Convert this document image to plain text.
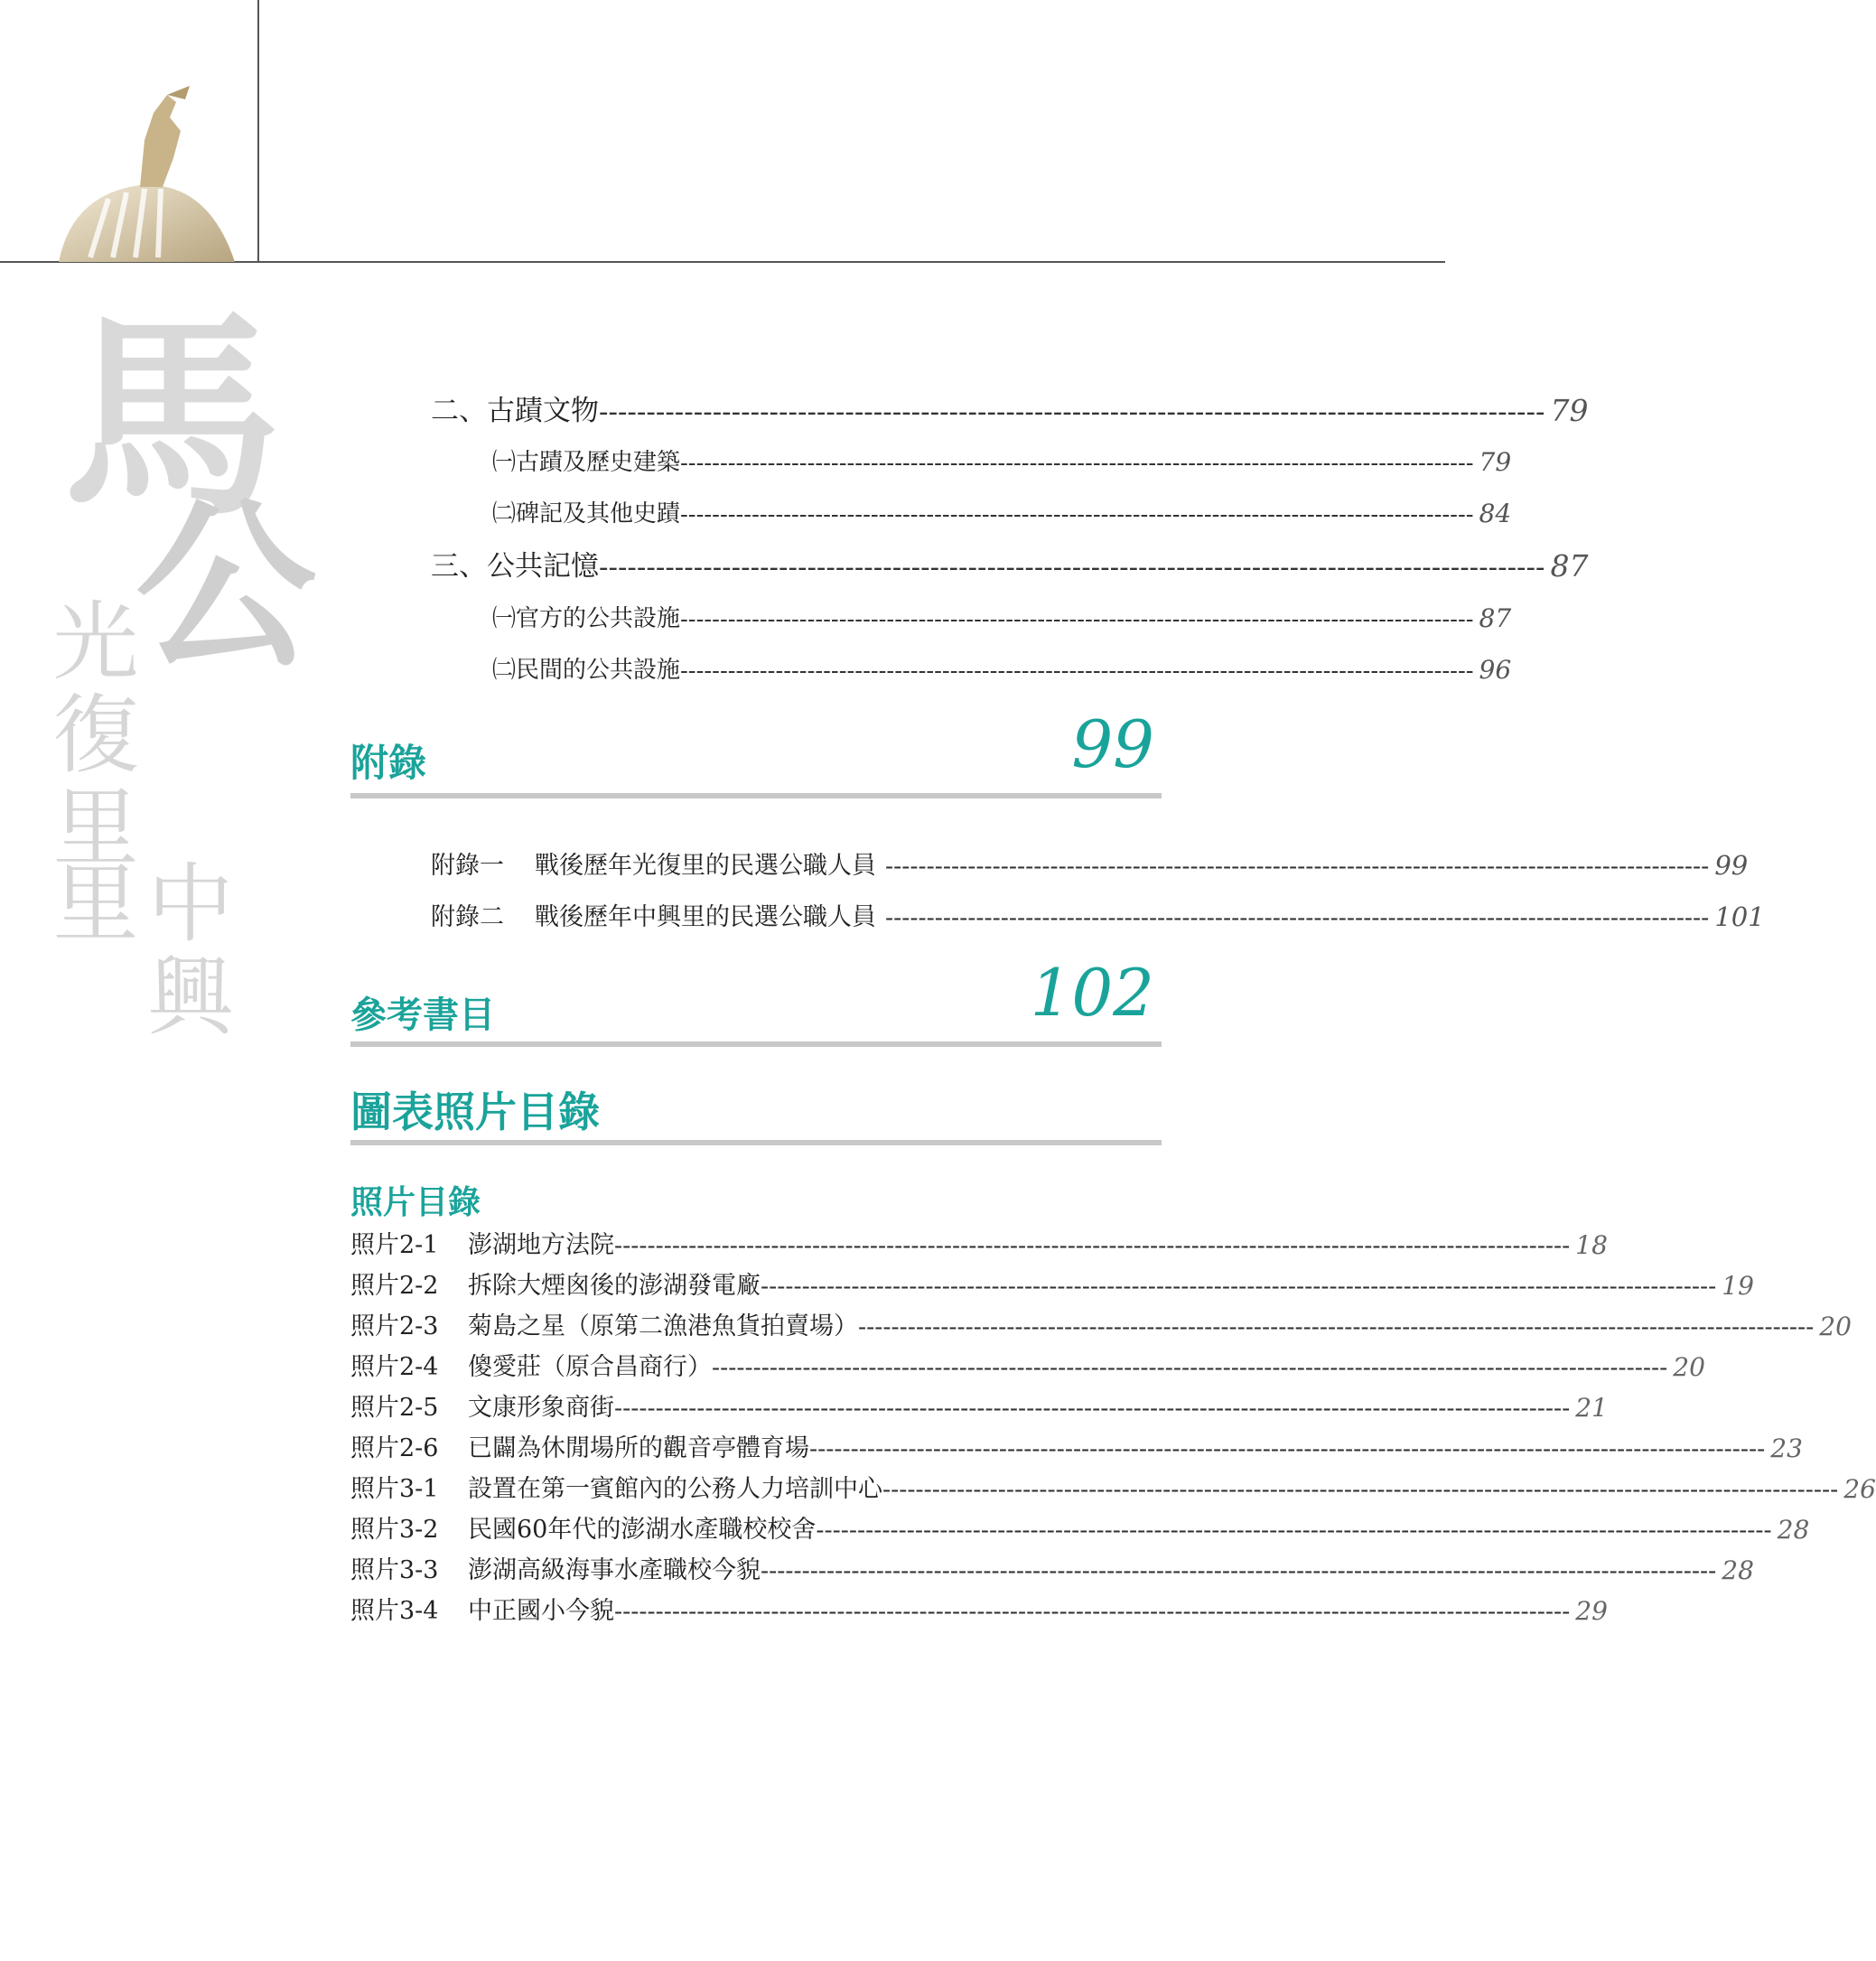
馬
公
光復里
中興里
二、古蹟文物 ---------------------------------------------------------------------------------------------------- 79
㈠古蹟及歷史建築 ---------------------------------------------------------------------------------------------------- 79
㈡碑記及其他史蹟 ---------------------------------------------------------------------------------------------------- 84
三、公共記憶 ---------------------------------------------------------------------------------------------------- 87
㈠官方的公共設施 ---------------------------------------------------------------------------------------------------- 87
㈡民間的公共設施 ---------------------------------------------------------------------------------------------------- 96
附錄	99
附錄一 戰後歷年光復里的民選公職人員 ---------------------------------------------------------------------------------------------------- 99
附錄二 戰後歷年中興里的民選公職人員 ---------------------------------------------------------------------------------------------------- 101
參考書目	102
圖表照片目錄
照片目錄
照片2-1	澎湖地方法院 -------------------------------------------------------------------------------------------------------------------- 18
照片2-2	拆除大煙囪後的澎湖發電廠 -------------------------------------------------------------------------------------------------------------------- 19
照片2-3	菊島之星（原第二漁港魚貨拍賣場） -------------------------------------------------------------------------------------------------------------------- 20
照片2-4	傻愛莊（原合昌商行） -------------------------------------------------------------------------------------------------------------------- 20
照片2-5	文康形象商街 -------------------------------------------------------------------------------------------------------------------- 21
照片2-6	已闢為休閒場所的觀音亭體育場 -------------------------------------------------------------------------------------------------------------------- 23
照片3-1	設置在第一賓館內的公務人力培訓中心 -------------------------------------------------------------------------------------------------------------------- 26
照片3-2	民國60年代的澎湖水產職校校舍 -------------------------------------------------------------------------------------------------------------------- 28
照片3-3	澎湖高級海事水產職校今貌 -------------------------------------------------------------------------------------------------------------------- 28
照片3-4	中正國小今貌 -------------------------------------------------------------------------------------------------------------------- 29
